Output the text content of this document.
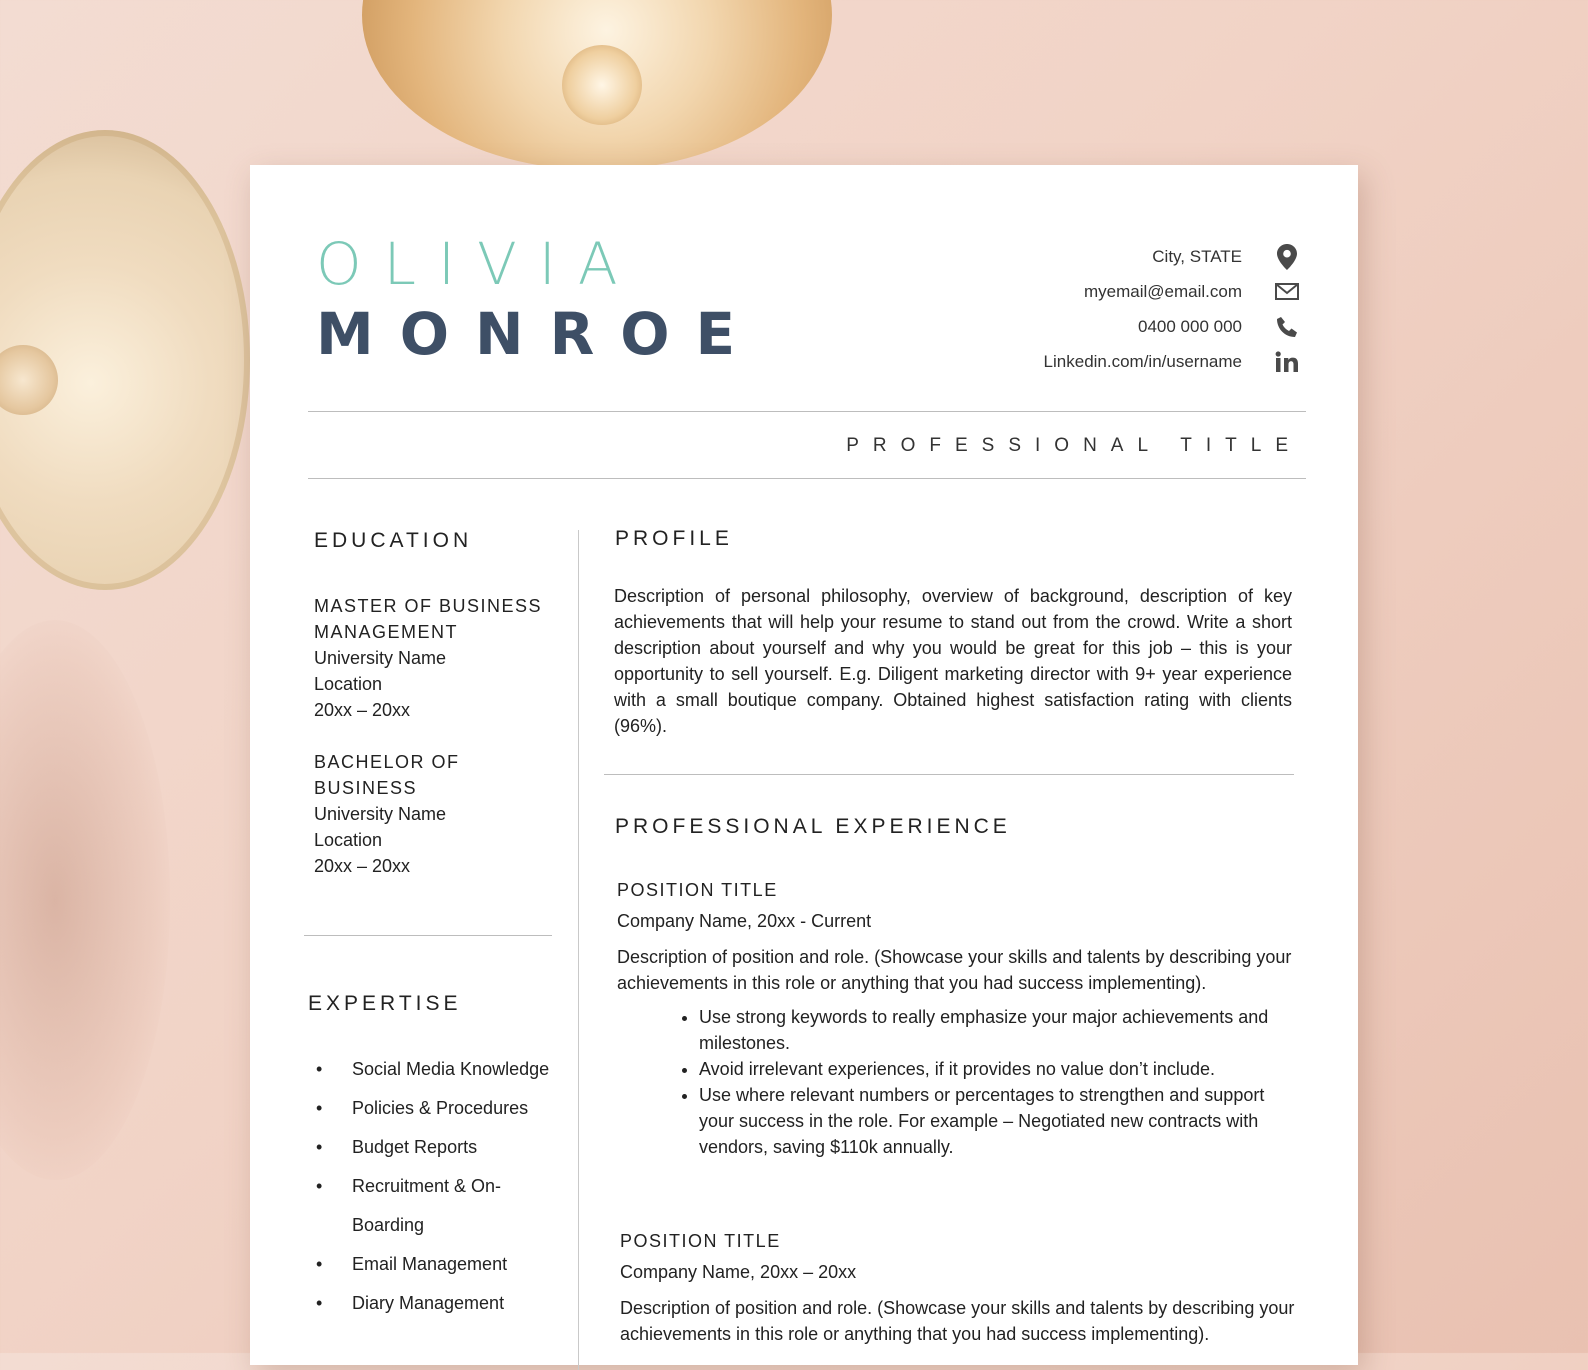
OLIVIA
MONROE
City, STATE
myemail@email.com
0400 000 000
Linkedin.com/in/username
PROFESSIONAL TITLE
EDUCATION
MASTER OF BUSINESS
MANAGEMENT
University Name
Location
20xx – 20xx
BACHELOR OF
BUSINESS
University Name
Location
20xx – 20xx
EXPERTISE
• Social Media Knowledge
• Policies & Procedures
• Budget Reports
• Recruitment & On-Boarding
• Email Management
• Diary Management
PROFILE

Description of personal philosophy, overview of background, description of key achievements that will help your resume to stand out from the crowd. Write a short description about yourself and why you would be great for this job – this is your opportunity to sell yourself. E.g. Diligent marketing director with 9+ year experience with a small boutique company. Obtained highest satisfaction rating with clients (96%).

PROFESSIONAL EXPERIENCE
POSITION TITLE
Company Name, 20xx - Current
Description of position and role. (Showcase your skills and talents by describing your achievements in this role or anything that you had success implementing).
• Use strong keywords to really emphasize your major achievements and milestones.
• Avoid irrelevant experiences, if it provides no value don’t include.
• Use where relevant numbers or percentages to strengthen and support your success in the role. For example – Negotiated new contracts with vendors, saving $110k annually.
POSITION TITLE
Company Name, 20xx – 20xx
Description of position and role. (Showcase your skills and talents by describing your achievements in this role or anything that you had success implementing).
